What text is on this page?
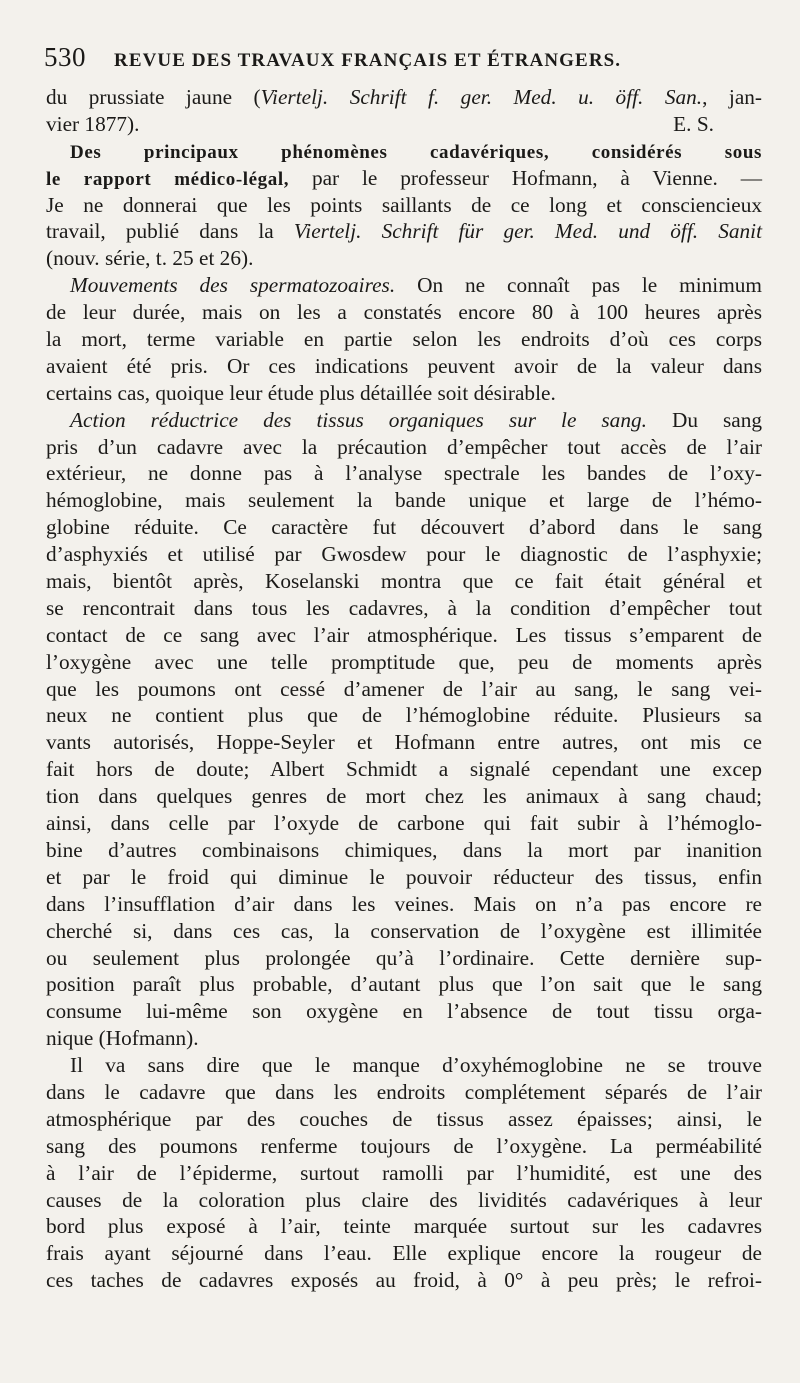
530 REVUE DES TRAVAUX FRANÇAIS ET ÉTRANGERS.
du prussiate jaune (Viertelj. Schrift f. ger. Med. u. öff. San., jan-
vier 1877).	E. S.
Des principaux phénomènes cadavériques, considérés sous
le rapport médico-légal, par le professeur Hofmann, à Vienne. —
Je ne donnerai que les points saillants de ce long et consciencieux
travail, publié dans la Viertelj. Schrift für ger. Med. und öff. Sanit
(nouv. série, t. 25 et 26).
Mouvements des spermatozoaires. On ne connaît pas le minimum
de leur durée, mais on les a constatés encore 80 à 100 heures après
la mort, terme variable en partie selon les endroits d’où ces corps
avaient été pris. Or ces indications peuvent avoir de la valeur dans
certains cas, quoique leur étude plus détaillée soit désirable.
Action réductrice des tissus organiques sur le sang. Du sang
pris d’un cadavre avec la précaution d’empêcher tout accès de l’air
extérieur, ne donne pas à l’analyse spectrale les bandes de l’oxy-
hémoglobine, mais seulement la bande unique et large de l’hémo-
globine réduite. Ce caractère fut découvert d’abord dans le sang
d’asphyxiés et utilisé par Gwosdew pour le diagnostic de l’asphyxie;
mais, bientôt après, Koselanski montra que ce fait était général et
se rencontrait dans tous les cadavres, à la condition d’empêcher tout
contact de ce sang avec l’air atmosphérique. Les tissus s’emparent de
l’oxygène avec une telle promptitude que, peu de moments après
que les poumons ont cessé d’amener de l’air au sang, le sang vei-
neux ne contient plus que de l’hémoglobine réduite. Plusieurs sa
vants autorisés, Hoppe-Seyler et Hofmann entre autres, ont mis ce
fait hors de doute; Albert Schmidt a signalé cependant une excep
tion dans quelques genres de mort chez les animaux à sang chaud;
ainsi, dans celle par l’oxyde de carbone qui fait subir à l’hémoglo-
bine d’autres combinaisons chimiques, dans la mort par inanition
et par le froid qui diminue le pouvoir réducteur des tissus, enfin
dans l’insufflation d’air dans les veines. Mais on n’a pas encore re
cherché si, dans ces cas, la conservation de l’oxygène est illimitée
ou seulement plus prolongée qu’à l’ordinaire. Cette dernière sup-
position paraît plus probable, d’autant plus que l’on sait que le sang
consume lui-même son oxygène en l’absence de tout tissu orga-
nique (Hofmann).
Il va sans dire que le manque d’oxyhémoglobine ne se trouve
dans le cadavre que dans les endroits complétement séparés de l’air
atmosphérique par des couches de tissus assez épaisses; ainsi, le
sang des poumons renferme toujours de l’oxygène. La perméabilité
à l’air de l’épiderme, surtout ramolli par l’humidité, est une des
causes de la coloration plus claire des lividités cadavériques à leur
bord plus exposé à l’air, teinte marquée surtout sur les cadavres
frais ayant séjourné dans l’eau. Elle explique encore la rougeur de
ces taches de cadavres exposés au froid, à 0° à peu près; le refroi-
